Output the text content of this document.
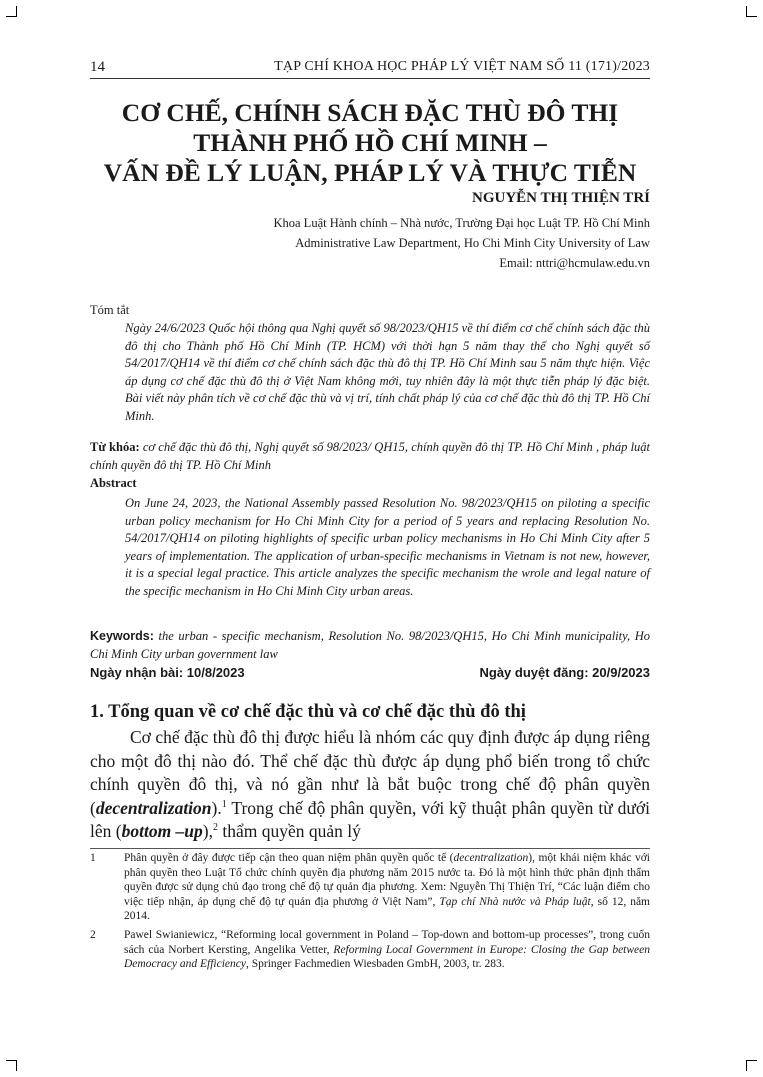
14	TẠP CHÍ KHOA HỌC PHÁP LÝ VIỆT NAM SỐ 11 (171)/2023
CƠ CHẾ, CHÍNH SÁCH ĐẶC THÙ ĐÔ THỊ
THÀNH PHỐ HỒ CHÍ MINH –
VẤN ĐỀ LÝ LUẬN, PHÁP LÝ VÀ THỰC TIỄN
NGUYỄN THỊ THIỆN TRÍ
Khoa Luật Hành chính – Nhà nước, Trường Đại học Luật TP. Hồ Chí Minh
Administrative Law Department, Ho Chi Minh City University of Law
Email: nttri@hcmulaw.edu.vn
Tóm tắt
Ngày 24/6/2023 Quốc hội thông qua Nghị quyết số 98/2023/QH15 về thí điểm cơ chế chính sách đặc thù đô thị cho Thành phố Hồ Chí Minh (TP. HCM) với thời hạn 5 năm thay thế cho Nghị quyết số 54/2017/QH14 về thí điểm cơ chế chính sách đặc thù đô thị TP. Hồ Chí Minh sau 5 năm thực hiện. Việc áp dụng cơ chế đặc thù đô thị ở Việt Nam không mới, tuy nhiên đây là một thực tiễn pháp lý đặc biệt. Bài viết này phân tích về cơ chế đặc thù và vị trí, tính chất pháp lý của cơ chế đặc thù đô thị TP. Hồ Chí Minh.
Từ khóa: cơ chế đặc thù đô thị, Nghị quyết số 98/2023/ QH15, chính quyền đô thị TP. Hồ Chí Minh , pháp luật chính quyền đô thị TP. Hồ Chí Minh
Abstract
On June 24, 2023, the National Assembly passed Resolution No. 98/2023/QH15 on piloting a specific urban policy mechanism for Ho Chi Minh City for a period of 5 years and replacing Resolution No. 54/2017/QH14 on piloting highlights of specific urban policy mechanisms in Ho Chi Minh City after 5 years of implementation. The application of urban-specific mechanisms in Vietnam is not new, however, it is a special legal practice. This article analyzes the specific mechanism the wrole and legal nature of the specific mechanism in Ho Chi Minh City urban areas.
Keywords: the urban - specific mechanism, Resolution No. 98/2023/QH15, Ho Chi Minh municipality, Ho Chi Minh City urban government law
Ngày nhận bài: 10/8/2023	Ngày duyệt đăng: 20/9/2023
1. Tổng quan về cơ chế đặc thù và cơ chế đặc thù đô thị
Cơ chế đặc thù đô thị được hiểu là nhóm các quy định được áp dụng riêng cho một đô thị nào đó. Thể chế đặc thù được áp dụng phổ biến trong tổ chức chính quyền đô thị, và nó gần như là bắt buộc trong chế độ phân quyền (decentralization).$^1$ Trong chế độ phân quyền, với kỹ thuật phân quyền từ dưới lên (bottom –up),$^2$ thẩm quyền quản lý
1 Phân quyền ở đây được tiếp cận theo quan niệm phân quyền quốc tế (decentralization), một khái niệm khác với phân quyền theo Luật Tổ chức chính quyền địa phương năm 2015 nước ta. Đó là một hình thức phân định thẩm quyền được sử dụng chủ đạo trong chế độ tự quản địa phương. Xem: Nguyễn Thị Thiện Trí, “Các luận điểm cho việc tiếp nhận, áp dụng chế độ tự quản địa phương ở Việt Nam”, Tạp chí Nhà nước và Pháp luật, số 12, năm 2014.
2 Pawel Swianiewicz, “Reforming local government in Poland – Top-down and bottom-up processes”, trong cuốn sách của Norbert Kersting, Angelika Vetter, Reforming Local Government in Europe: Closing the Gap between Democracy and Efficiency, Springer Fachmedien Wiesbaden GmbH, 2003, tr. 283.
